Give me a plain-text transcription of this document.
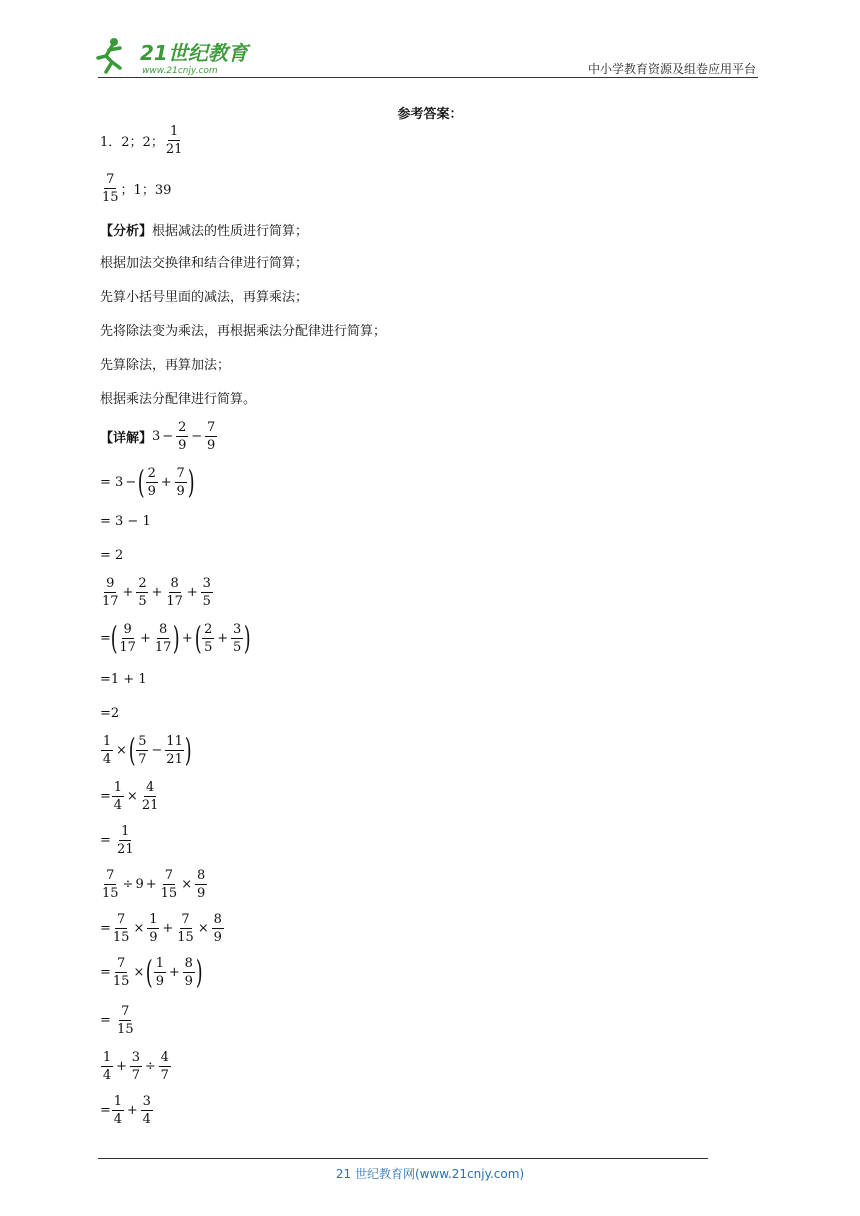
21世纪教育
www.21cnjy.com	中小学教育资源及组卷应用平台
参考答案：
1．2；2； $\frac{1}{21}$
$\frac{7}{15}$ ；1；39
【分析】 根据减法的性质进行简算；
根据加法交换律和结合律进行简算；
先算小括号里面的减法，再算乘法；
先将除法变为乘法，再根据乘法分配律进行简算；
先算除法，再算加法；
根据乘法分配律进行简算。
【详解】 $3 - \frac{2}{9} - \frac{7}{9}$
=
3 − ( $\frac{2}{9} + \frac{7}{9}$ )
= 3 − 1
= 2
$\frac{9}{17} + \frac{2}{5} + \frac{8}{17} + \frac{3}{5}$
= ( $\frac{9}{17} + \frac{8}{17}$ ) + ( $\frac{2}{5} + \frac{3}{5}$ )
=1 + 1
=2
$\frac{1}{4}$ × ( $\frac{5}{7} - \frac{11}{21}$ )
= $\frac{1}{4} \times \frac{4}{21}$
=
$\frac{1}{21}$
$\frac{7}{15} \div 9 + \frac{7}{15} \times \frac{8}{9}$
= $\frac{7}{15} \times \frac{1}{9} + \frac{7}{15} \times \frac{8}{9}$
= $\frac{7}{15}$ × ( $\frac{1}{9} + \frac{8}{9}$ )
=
$\frac{7}{15}$
$\frac{1}{4} + \frac{3}{7} \div \frac{4}{7}$
= $\frac{1}{4} + \frac{3}{4}$
21 世纪教育网(www.21cnjy.com)
